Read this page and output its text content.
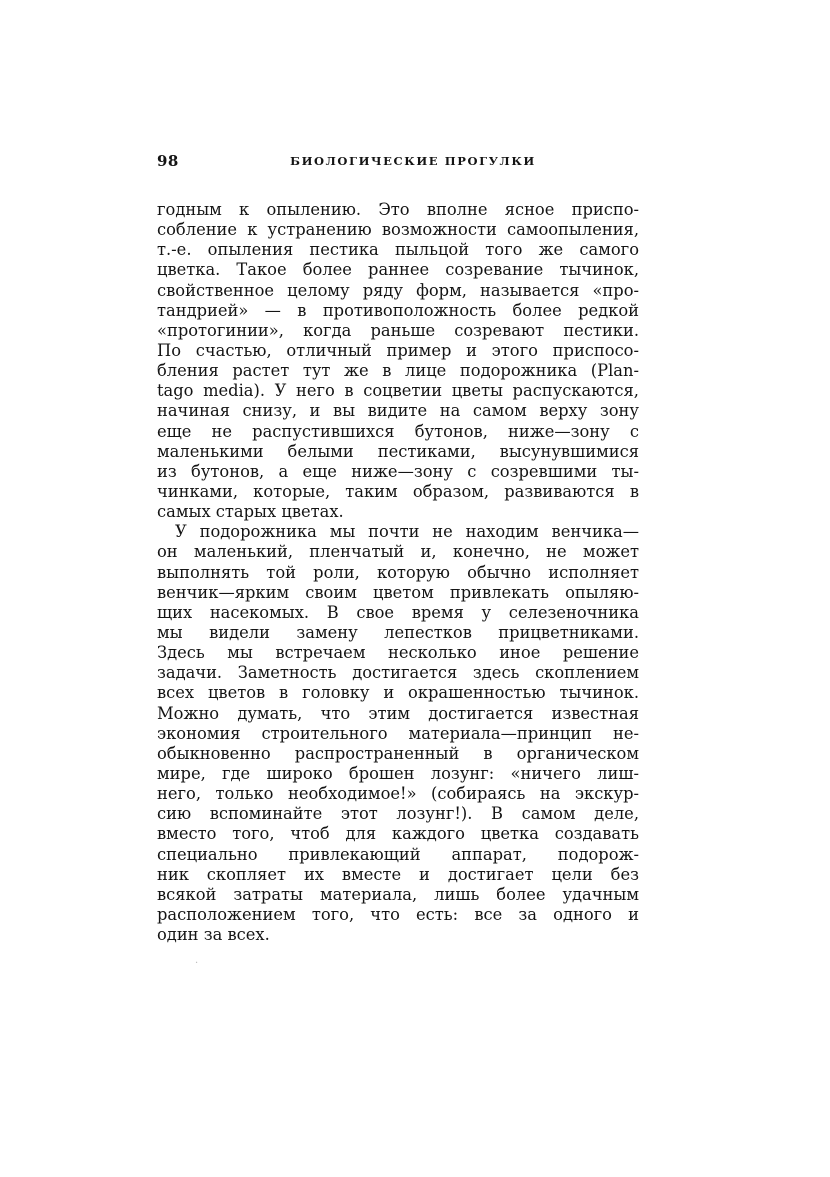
98	БИОЛОГИЧЕСКИЕ ПРОГУЛКИ
годным к опылению. Это вполне ясное приспо-
собление к устранению возможности самоопыления,
т.-е. опыления пестика пыльцой того же самого
цветка. Такое более раннее созревание тычинок,
свойственное целому ряду форм, называется «про-
тандрией» — в противоположность более редкой
«протогинии», когда раньше созревают пестики.
По счастью, отличный пример и этого приспосо-
бления растет тут же в лице подорожника (Plan-
tago media). У него в соцветии цветы распускаются,
начиная снизу, и вы видите на самом верху зону
еще не распустившихся бутонов, ниже—зону с
маленькими белыми пестиками, высунувшимися
из бутонов, а еще ниже—зону с созревшими ты-
чинками, которые, таким образом, развиваются в
самых старых цветах.
У подорожника мы почти не находим венчика—
он маленький, пленчатый и, конечно, не может
выполнять той роли, которую обычно исполняет
венчик—ярким своим цветом привлекать опыляю-
щих насекомых. В свое время у селезеночника
мы видели замену лепестков прицветниками.
Здесь мы встречаем несколько иное решение
задачи. Заметность достигается здесь скоплением
всех цветов в головку и окрашенностью тычинок.
Можно думать, что этим достигается известная
экономия строительного материала—принцип не-
обыкновенно распространенный в органическом
мире, где широко брошен лозунг: «ничего лиш-
него, только необходимое!» (собираясь на экскур-
сию вспоминайте этот лозунг!). В самом деле,
вместо того, чтоб для каждого цветка создавать
специально привлекающий аппарат, подорож-
ник скопляет их вместе и достигает цели без
всякой затраты материала, лишь более удачным
расположением того, что есть: все за одного и
один за всех.
·
